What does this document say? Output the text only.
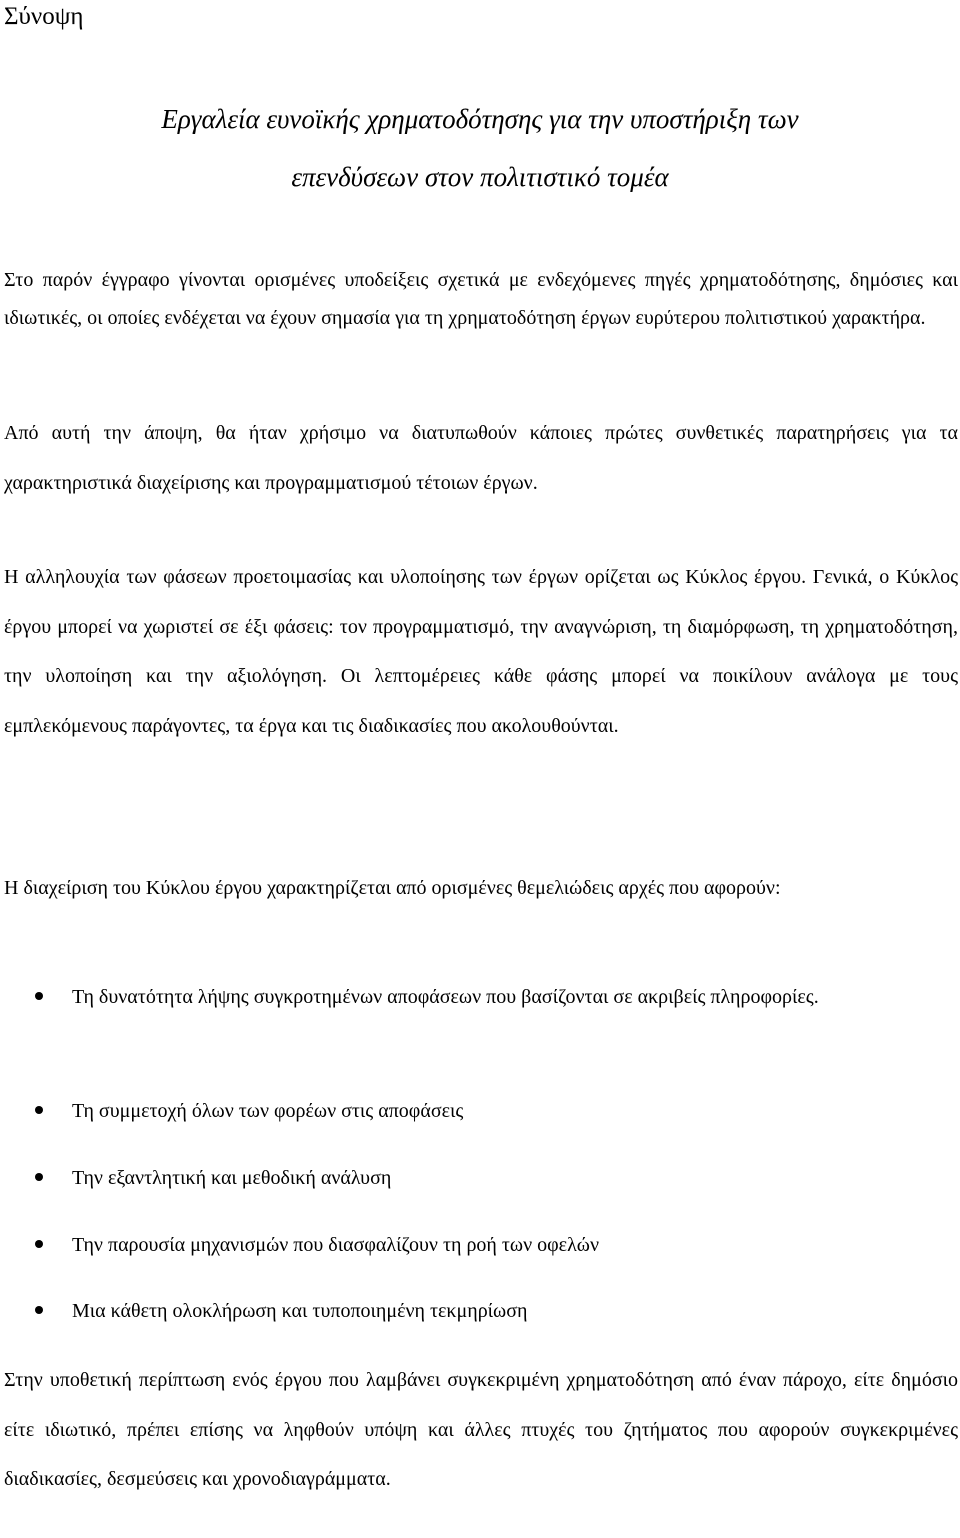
Σύνοψη
Εργαλεία ευνοϊκής χρηματοδότησης για την υποστήριξη των
επενδύσεων στον πολιτιστικό τομέα

Στο παρόν έγγραφο γίνονται ορισμένες υποδείξεις σχετικά με ενδεχόμενες πηγές χρηματοδότησης, δημόσιες και ιδιωτικές, οι οποίες ενδέχεται να έχουν σημασία για τη χρηματοδότηση έργων ευρύτερου πολιτιστικού χαρακτήρα.

Από αυτή την άποψη, θα ήταν χρήσιμο να διατυπωθούν κάποιες πρώτες συνθετικές παρατηρήσεις για τα χαρακτηριστικά διαχείρισης και προγραμματισμού τέτοιων έργων.

Η αλληλουχία των φάσεων προετοιμασίας και υλοποίησης των έργων ορίζεται ως Κύκλος έργου. Γενικά, ο Κύκλος έργου μπορεί να χωριστεί σε έξι φάσεις: τον προγραμματισμό, την αναγνώριση, τη διαμόρφωση, τη χρηματοδότηση, την υλοποίηση και την αξιολόγηση. Οι λεπτομέρειες κάθε φάσης μπορεί να ποικίλουν ανάλογα με τους εμπλεκόμενους παράγοντες, τα έργα και τις διαδικασίες που ακολουθούνται.

Η διαχείριση του Κύκλου έργου χαρακτηρίζεται από ορισμένες θεμελιώδεις αρχές που αφορούν:

Τη δυνατότητα λήψης συγκροτημένων αποφάσεων που βασίζονται σε ακριβείς πληροφορίες.
Τη συμμετοχή όλων των φορέων στις αποφάσεις
Την εξαντλητική και μεθοδική ανάλυση
Την παρουσία μηχανισμών που διασφαλίζουν τη ροή των οφελών
Μια κάθετη ολοκλήρωση και τυποποιημένη τεκμηρίωση

Στην υποθετική περίπτωση ενός έργου που λαμβάνει συγκεκριμένη χρηματοδότηση από έναν πάροχο, είτε δημόσιο είτε ιδιωτικό, πρέπει επίσης να ληφθούν υπόψη και άλλες πτυχές του ζητήματος που αφορούν συγκεκριμένες διαδικασίες, δεσμεύσεις και χρονοδιαγράμματα.
